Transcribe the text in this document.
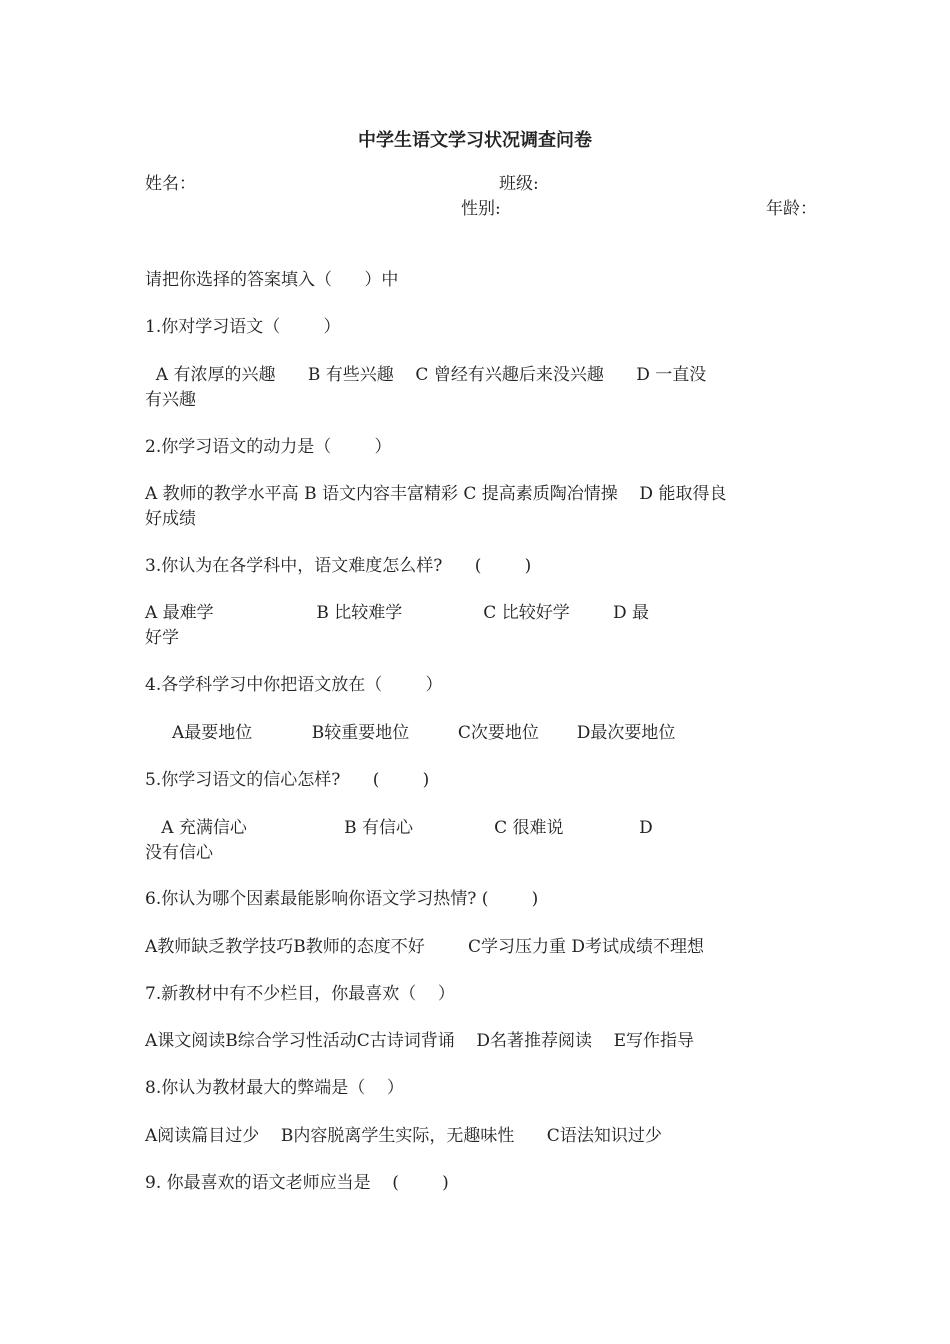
中学生语文学习状况调查问卷
姓名：	班级:
性别:	年龄：
请把你选择的答案填入（      ）中
1.你对学习语文（        ）
A 有浓厚的兴趣      B 有些兴趣    C 曾经有兴趣后来没兴趣      D 一直没
有兴趣
2.你学习语文的动力是（        ）
A 教师的教学水平高 B 语文内容丰富精彩 C 提高素质陶冶情操    D 能取得良
好成绩
3.你认为在各学科中，语文难度怎么样?      (        )
A 最难学                   B 比较难学               C 比较好学        D 最
好学
4.各学科学习中你把语文放在（        ）
A最要地位           B较重要地位         C次要地位       D最次要地位
5.你学习语文的信心怎样?      (        )
A 充满信心                  B 有信心               C 很难说              D
没有信心
6.你认为哪个因素最能影响你语文学习热情? (        )
A教师缺乏教学技巧B教师的态度不好        C学习压力重 D考试成绩不理想
7.新教材中有不少栏目，你最喜欢（    ）
A课文阅读B综合学习性活动C古诗词背诵    D名著推荐阅读    E写作指导
8.你认为教材最大的弊端是（    ）
A阅读篇目过少    B内容脱离学生实际，无趣味性      C语法知识过少
9. 你最喜欢的语文老师应当是    (        )
